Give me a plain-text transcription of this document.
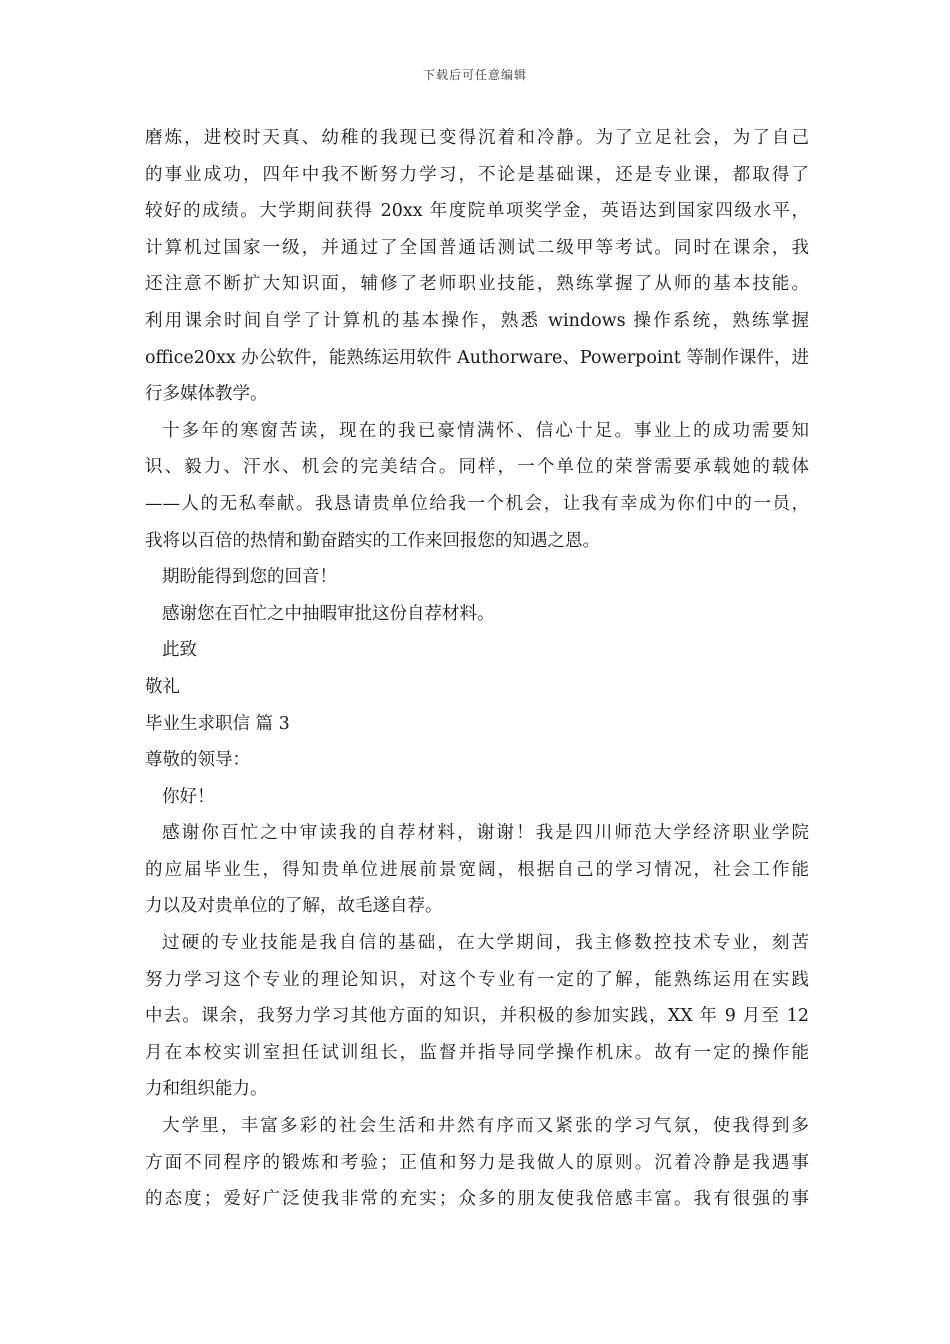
下载后可任意编辑
磨炼，进校时天真、幼稚的我现已变得沉着和冷静。为了立足社会，为了自己
的事业成功，四年中我不断努力学习，不论是基础课，还是专业课，都取得了
较好的成绩。大学期间获得 20xx 年度院单项奖学金，英语达到国家四级水平，
计算机过国家一级，并通过了全国普通话测试二级甲等考试。同时在课余，我
还注意不断扩大知识面，辅修了老师职业技能，熟练掌握了从师的基本技能。
利用课余时间自学了计算机的基本操作，熟悉 windows 操作系统，熟练掌握
office20xx 办公软件，能熟练运用软件 Authorware、Powerpoint 等制作课件，进
行多媒体教学。
十多年的寒窗苦读，现在的我已豪情满怀、信心十足。事业上的成功需要知
识、毅力、汗水、机会的完美结合。同样，一个单位的荣誉需要承载她的载体
——人的无私奉献。我恳请贵单位给我一个机会，让我有幸成为你们中的一员，
我将以百倍的热情和勤奋踏实的工作来回报您的知遇之恩。
期盼能得到您的回音！
感谢您在百忙之中抽暇审批这份自荐材料。
此致
敬礼
毕业生求职信 篇 3
尊敬的领导：
你好！
感谢你百忙之中审读我的自荐材料，谢谢！我是四川师范大学经济职业学院
的应届毕业生，得知贵单位进展前景宽阔，根据自己的学习情况，社会工作能
力以及对贵单位的了解，故毛遂自荐。
过硬的专业技能是我自信的基础，在大学期间，我主修数控技术专业，刻苦
努力学习这个专业的理论知识，对这个专业有一定的了解，能熟练运用在实践
中去。课余，我努力学习其他方面的知识，并积极的参加实践，XX 年 9 月至 12
月在本校实训室担任试训组长，监督并指导同学操作机床。故有一定的操作能
力和组织能力。
大学里，丰富多彩的社会生活和井然有序而又紧张的学习气氛，使我得到多
方面不同程序的锻炼和考验；正值和努力是我做人的原则。沉着冷静是我遇事
的态度；爱好广泛使我非常的充实；众多的朋友使我倍感丰富。我有很强的事
